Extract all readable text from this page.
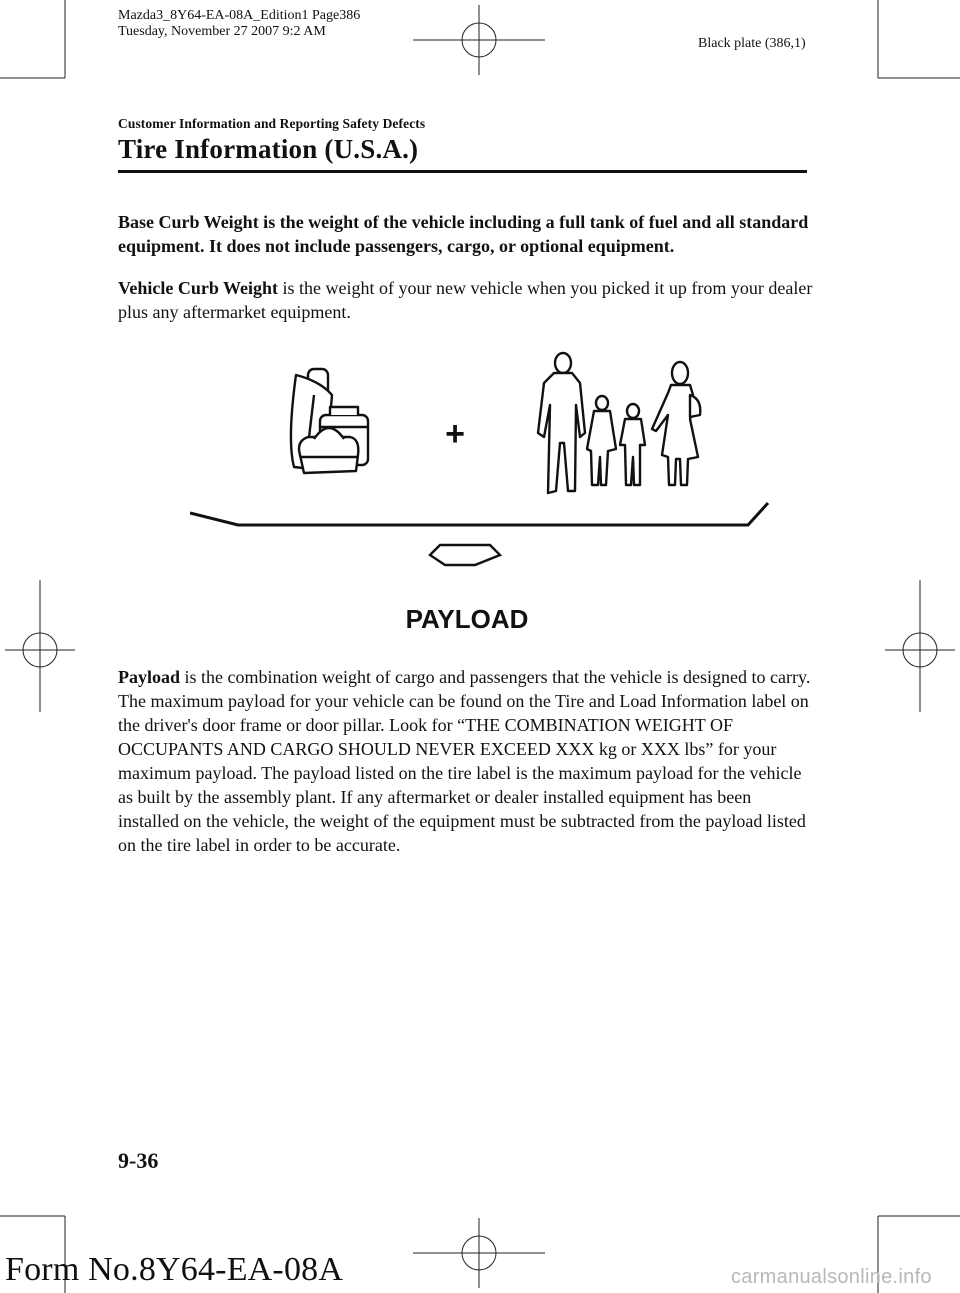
Mazda3_8Y64-EA-08A_Edition1 Page386
Tuesday, November 27 2007 9:2 AM
Black plate (386,1)
Customer Information and Reporting Safety Defects
Tire Information (U.S.A.)
Base Curb Weight is the weight of the vehicle including a full tank of fuel and all standard equipment. It does not include passengers, cargo, or optional equipment.
Vehicle Curb Weight is the weight of your new vehicle when you picked it up from your dealer plus any aftermarket equipment.
+
PAYLOAD
Payload is the combination weight of cargo and passengers that the vehicle is designed to carry. The maximum payload for your vehicle can be found on the Tire and Load Information label on the driver's door frame or door pillar. Look for “THE COMBINATION WEIGHT OF OCCUPANTS AND CARGO SHOULD NEVER EXCEED XXX kg or XXX lbs” for your maximum payload. The payload listed on the tire label is the maximum payload for the vehicle as built by the assembly plant. If any aftermarket or dealer installed equipment has been installed on the vehicle, the weight of the equipment must be subtracted from the payload listed on the tire label in order to be accurate.
9-36
Form No.8Y64-EA-08A	carmanualsonline.info
